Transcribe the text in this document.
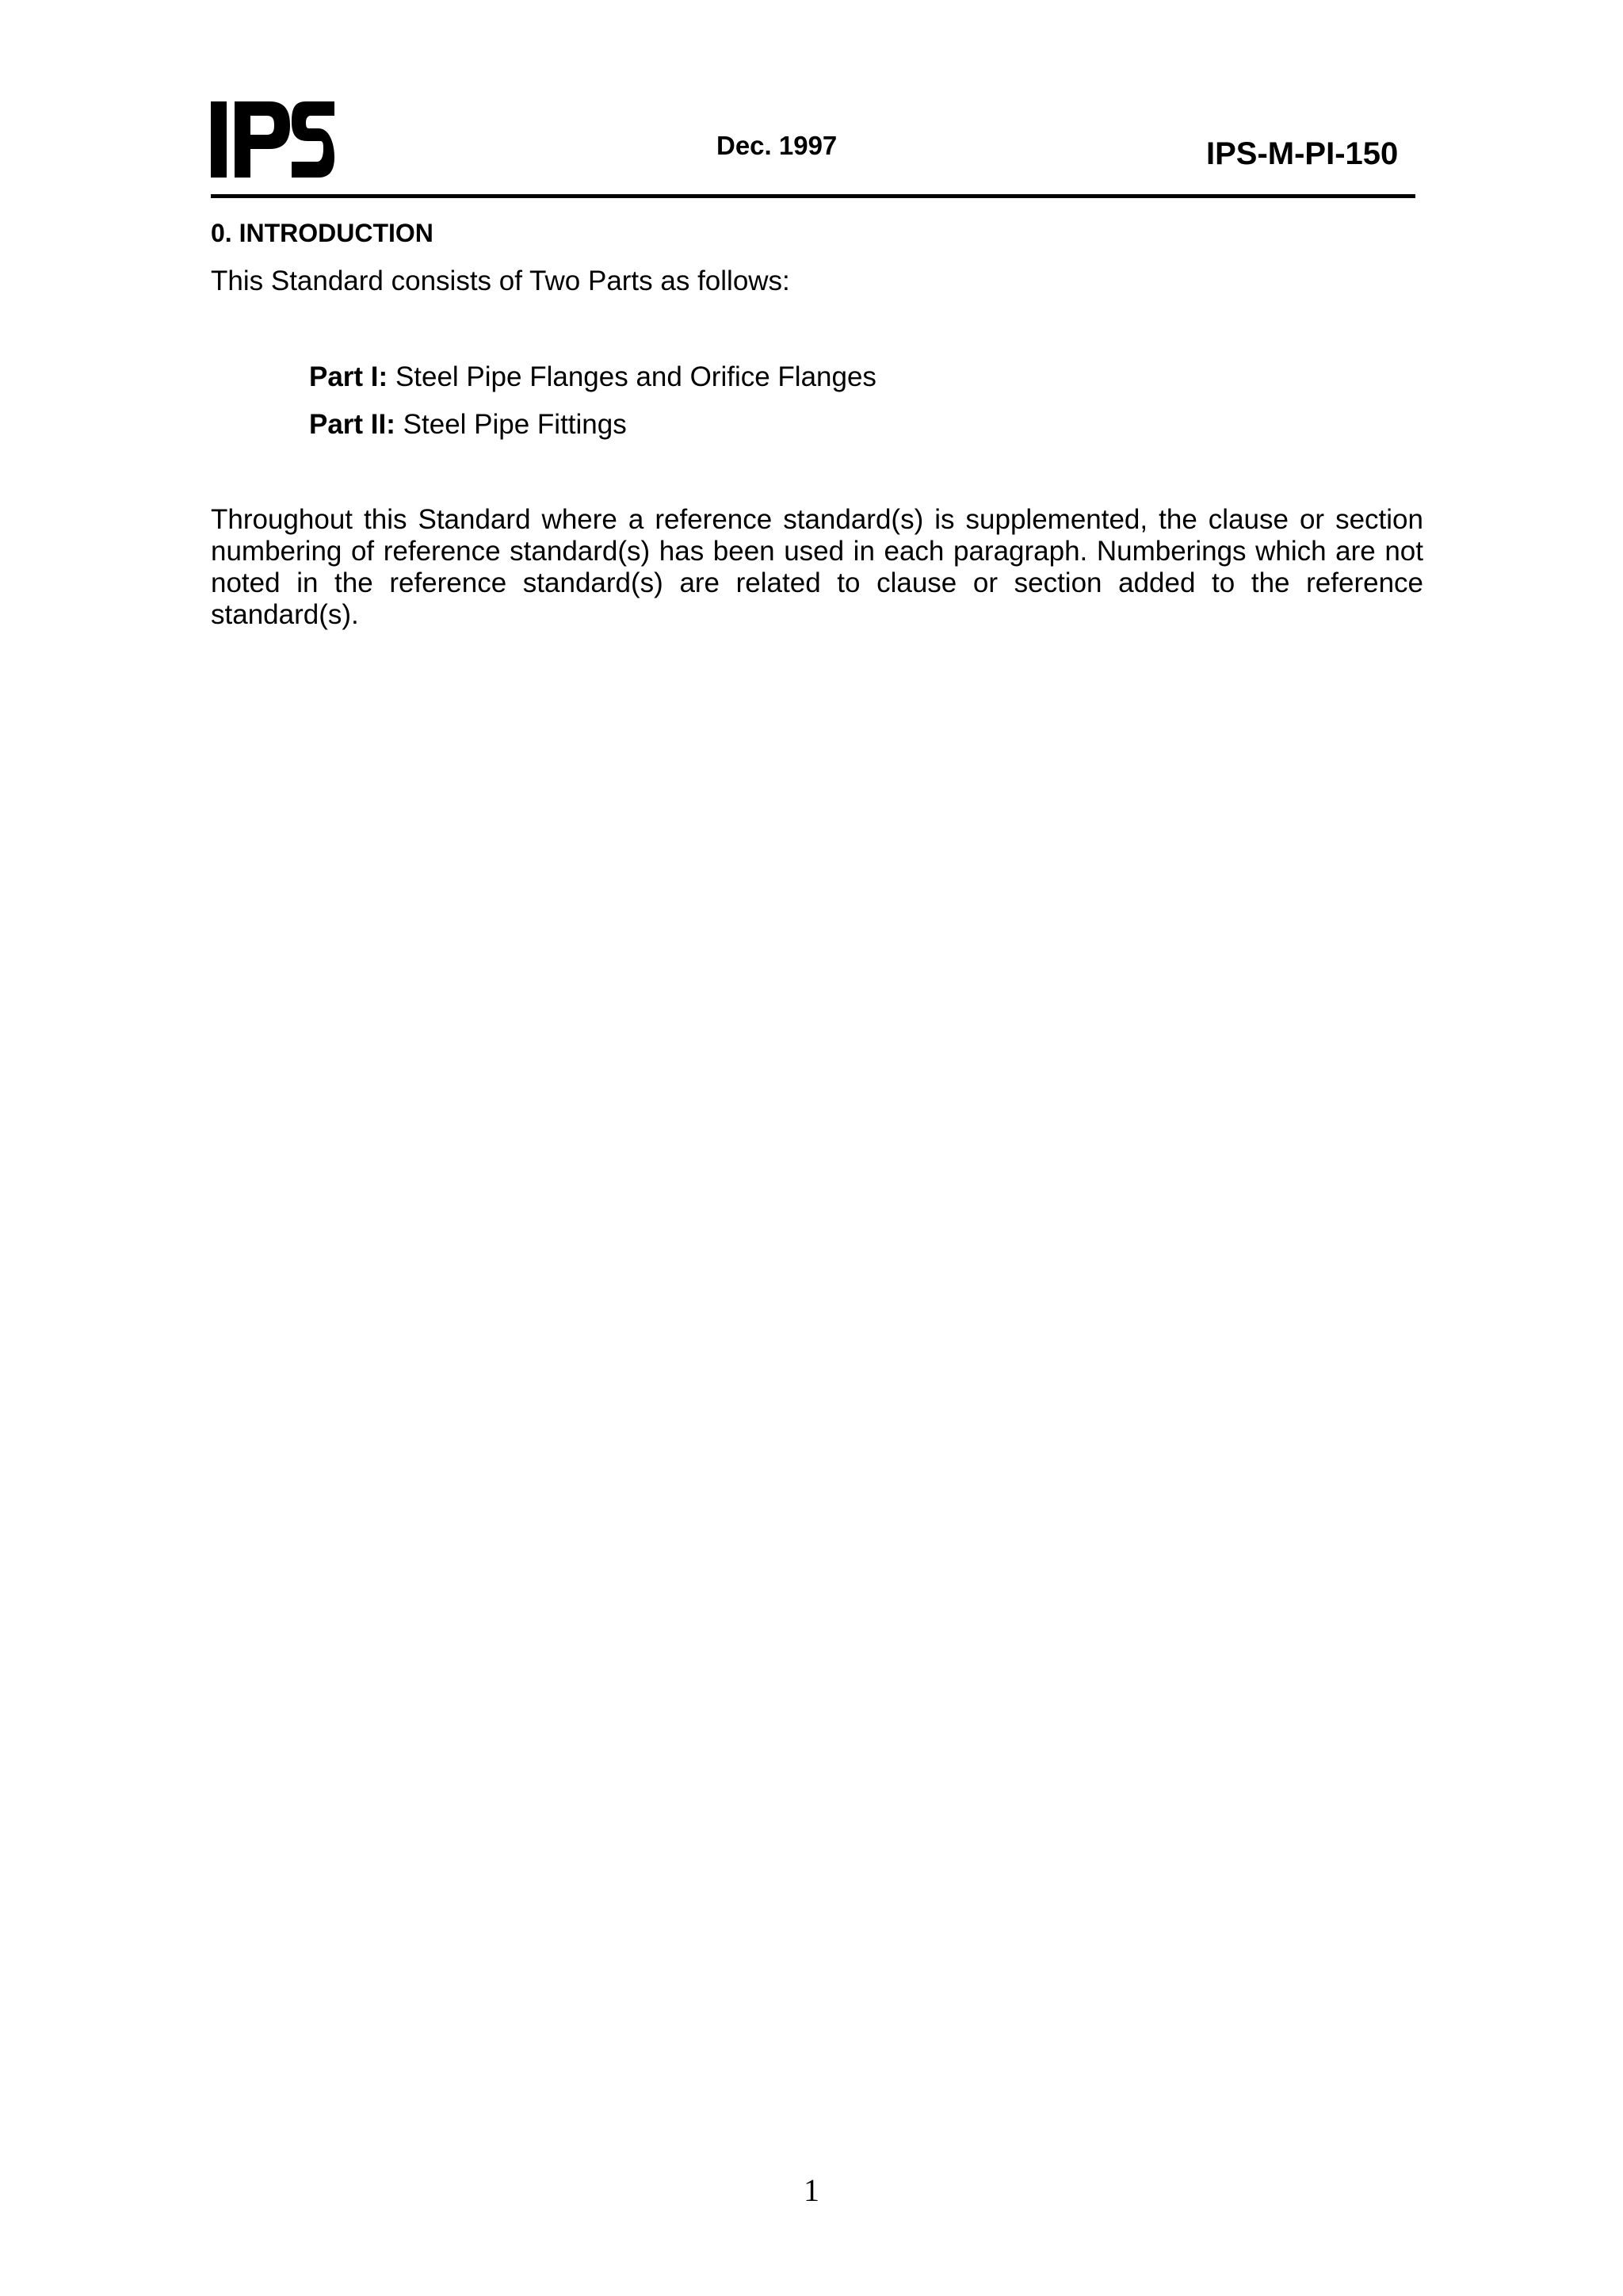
Dec. 1997	IPS-M-PI-150
0. INTRODUCTION
This Standard consists of Two Parts as follows:
Part I: Steel Pipe Flanges and Orifice Flanges
Part II: Steel Pipe Fittings
Throughout this Standard where a reference standard(s) is supplemented, the clause or section numbering of reference standard(s) has been used in each paragraph. Numberings which are not noted in the reference standard(s) are related to clause or section added to the reference standard(s).
1
